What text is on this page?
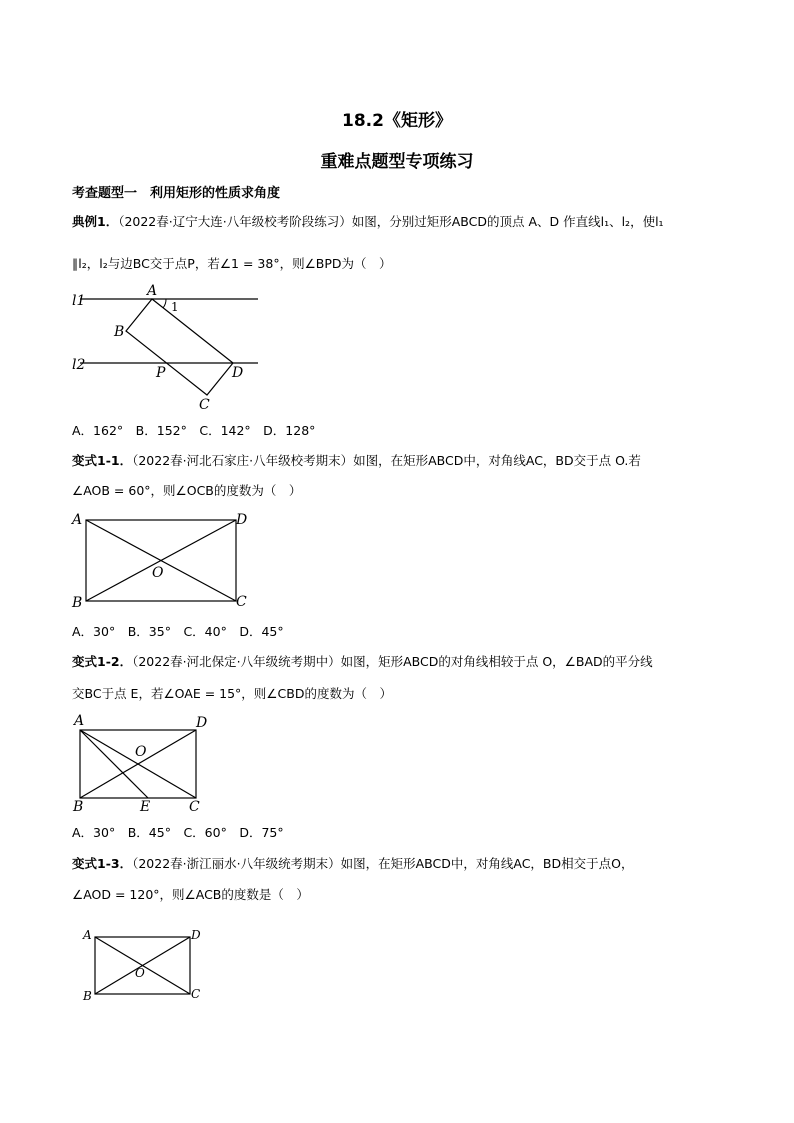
18.2《矩形》
重难点题型专项练习
考查题型一　利用矩形的性质求角度
典例1．（2022春·辽宁大连·八年级校考阶段练习）如图，分别过矩形ABCD的顶点 A、D 作直线l₁、l₂，使l₁
∥l₂，l₂与边BC交于点P，若∠1 = 38°，则∠BPD为（　）
l1
A
1
B
l2	P	D
C
A．162°　B．152°　C．142°　D．128°
变式1-1．（2022春·河北石家庄·八年级校考期末）如图，在矩形ABCD中，对角线AC，BD交于点 O.若
∠AOB = 60°，则∠OCB的度数为（　）
A	D
O
B	C
A．30°　B．35°　C．40°　D．45°
变式1-2．（2022春·河北保定·八年级统考期中）如图，矩形ABCD的对角线相较于点 O，∠BAD的平分线
交BC于点 E，若∠OAE = 15°，则∠CBD的度数为（　）
A	D
O
B	E	C
A．30°　B．45°　C．60°　D．75°
变式1-3．（2022春·浙江丽水·八年级统考期末）如图，在矩形ABCD中，对角线AC，BD相交于点O，
∠AOD = 120°，则∠ACB的度数是（　）
A	D
O
B	C
